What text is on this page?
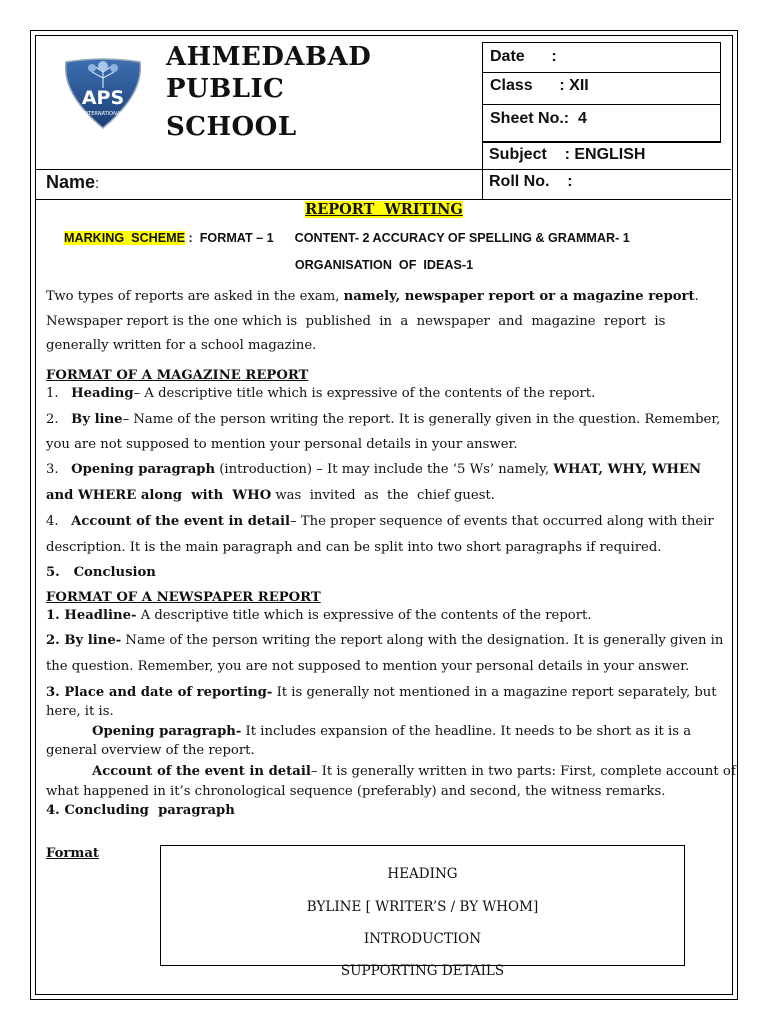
APS
INTERNATIONAL
AHMEDABAD
PUBLIC
SCHOOL
Date      :
Class      : XII
Sheet No.:  4
Subject    : ENGLISH
Roll No.    :
Name:
REPORT  WRITING
MARKING  SCHEME :  FORMAT – 1      CONTENT- 2 ACCURACY OF SPELLING & GRAMMAR- 1
ORGANISATION  OF  IDEAS-1
Two types of reports are asked in the exam, namely, newspaper report or a magazine report.
Newspaper report is the one which is  published  in  a  newspaper  and  magazine  report  is
generally written for a school magazine.
FORMAT OF A MAGAZINE REPORT
1. Heading– A descriptive title which is expressive of the contents of the report.
2. By line– Name of the person writing the report. It is generally given in the question. Remember,
you are not supposed to mention your personal details in your answer.
3. Opening paragraph (introduction) – It may include the ‘5 Ws’ namely, WHAT, WHY, WHEN
and WHERE along  with  WHO was  invited  as  the  chief guest.
4. Account of the event in detail– The proper sequence of events that occurred along with their
description. It is the main paragraph and can be split into two short paragraphs if required.
5. Conclusion
FORMAT OF A NEWSPAPER REPORT
1. Headline- A descriptive title which is expressive of the contents of the report.
2. By line- Name of the person writing the report along with the designation. It is generally given in
the question. Remember, you are not supposed to mention your personal details in your answer.
3. Place and date of reporting- It is generally not mentioned in a magazine report separately, but
here, it is.
Opening paragraph- It includes expansion of the headline. It needs to be short as it is a
general overview of the report.
Account of the event in detail– It is generally written in two parts: First, complete account of
what happened in it’s chronological sequence (preferably) and second, the witness remarks.
4. Concluding  paragraph
Format
HEADING
BYLINE [ WRITER’S / BY WHOM]
INTRODUCTION
SUPPORTING DETAILS
